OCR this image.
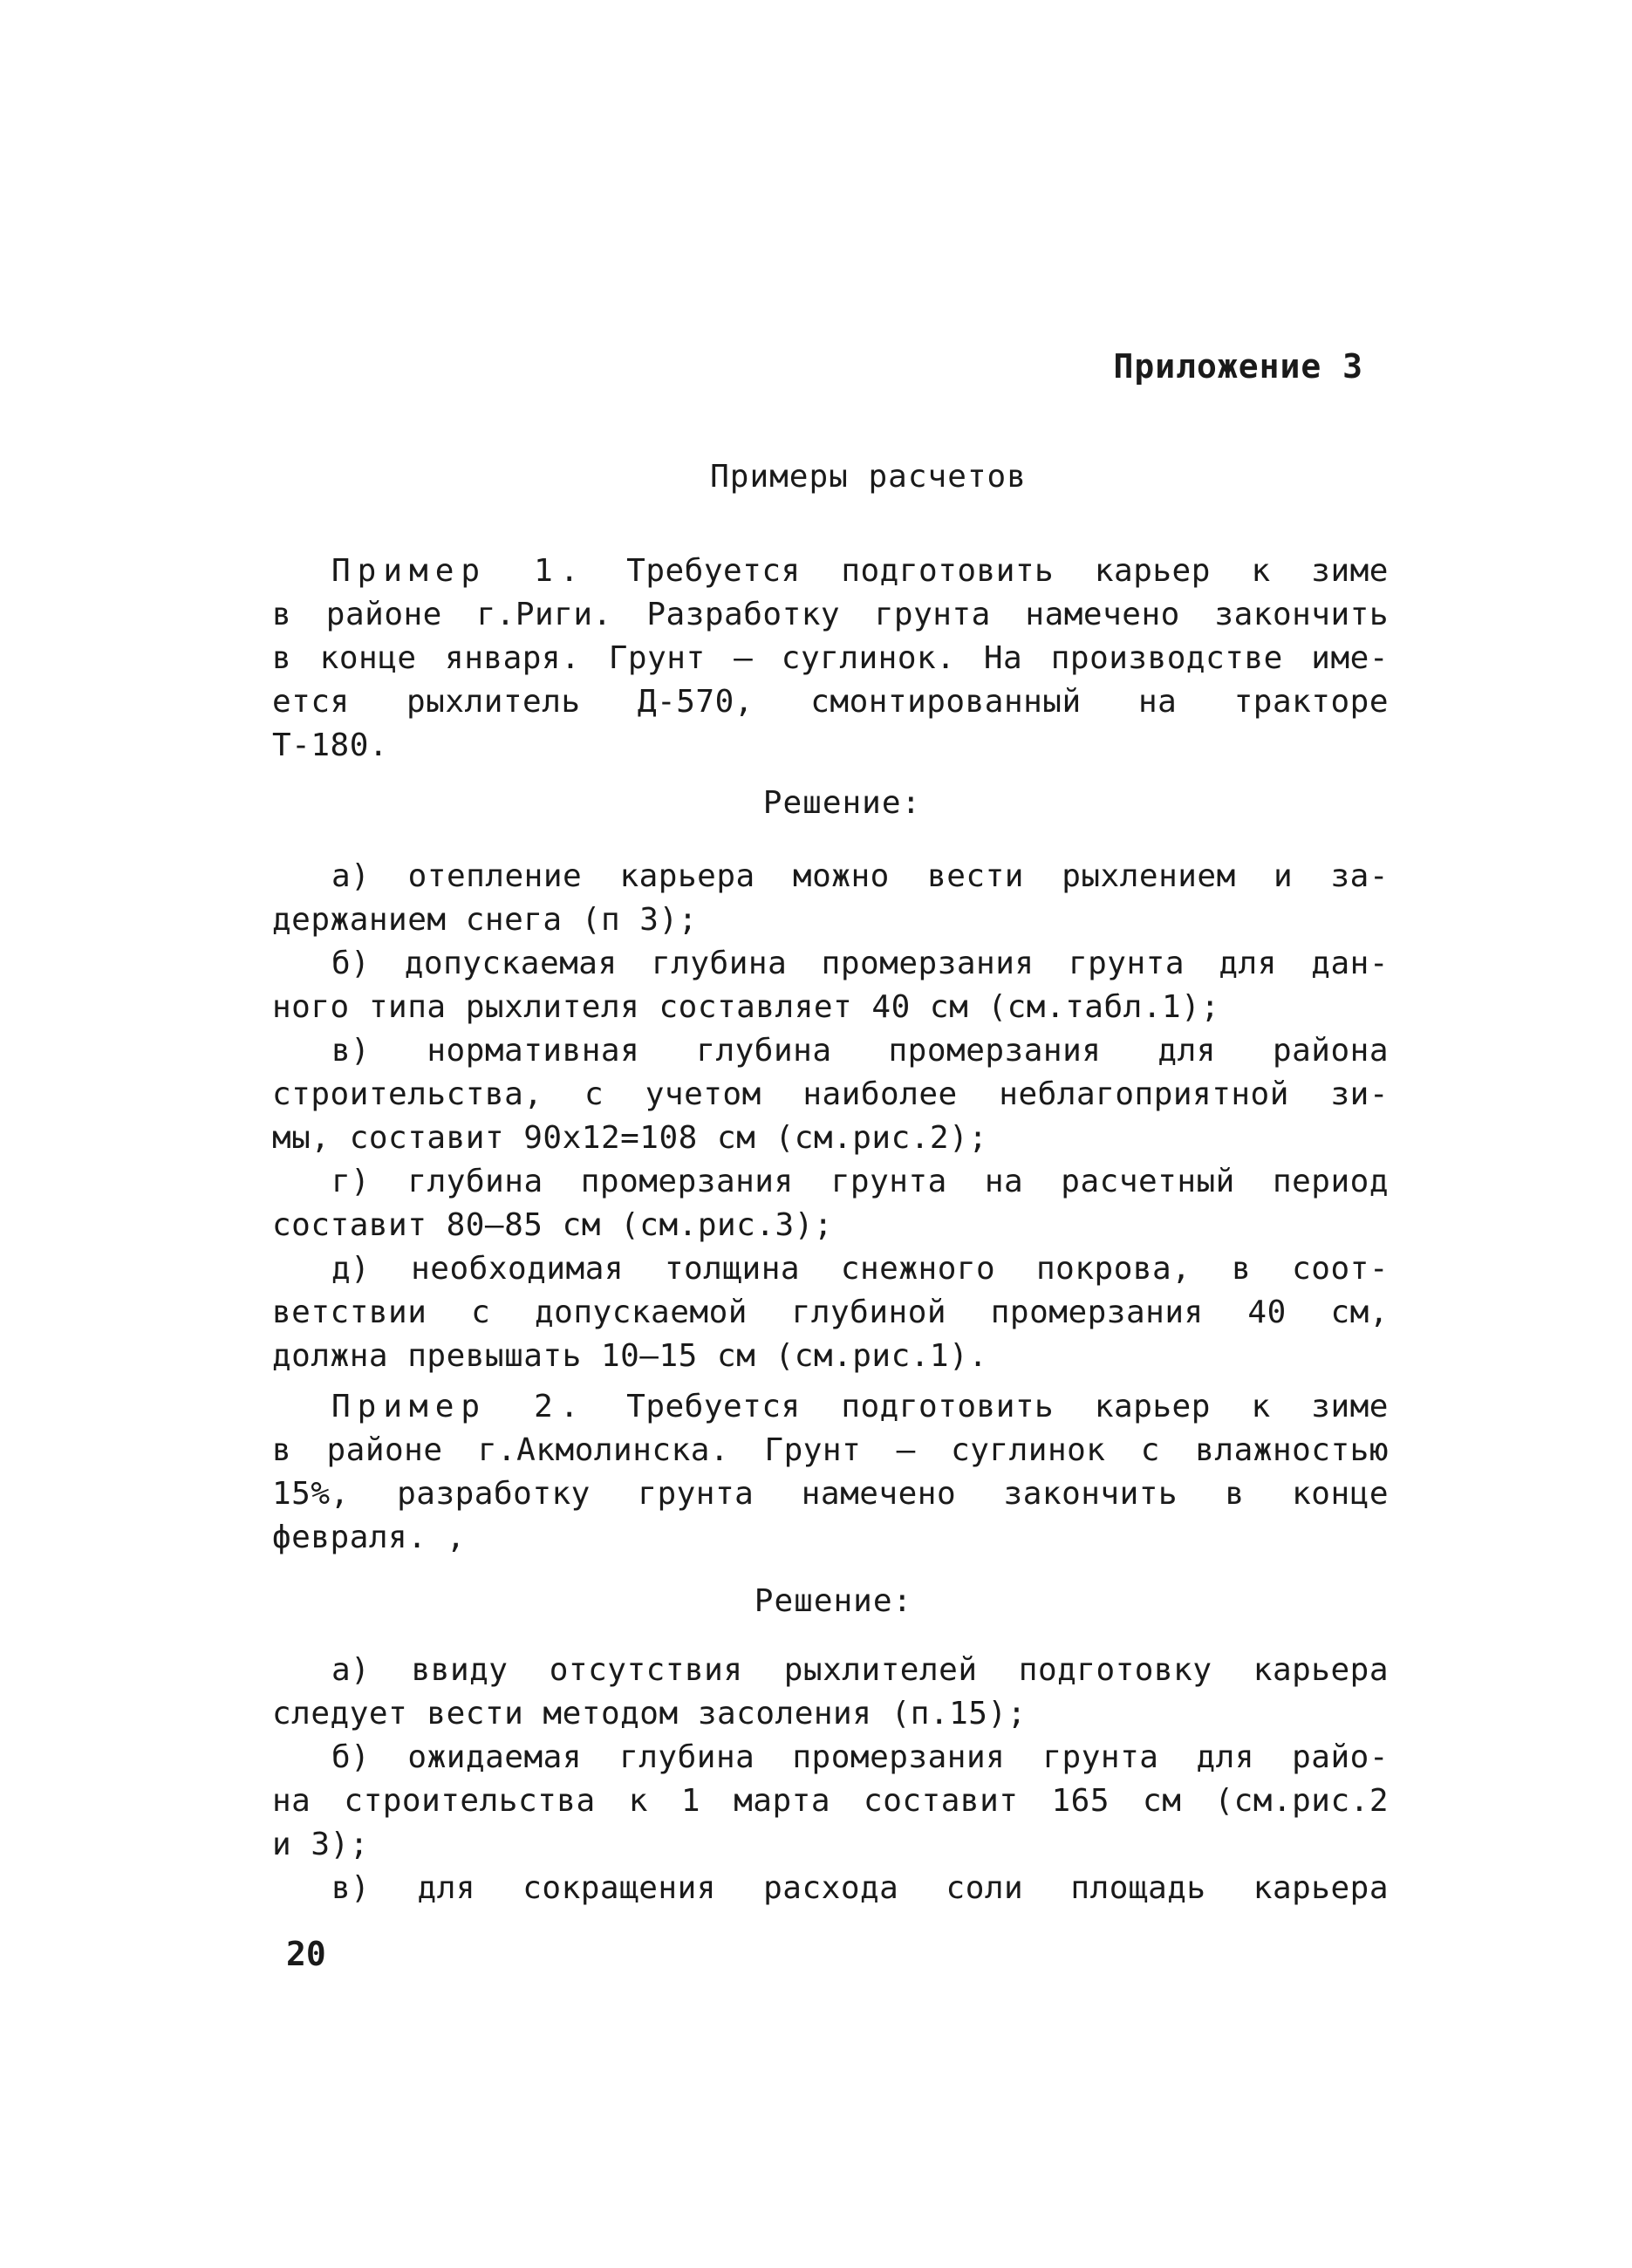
Приложение 3
Примеры расчетов
Пример 1. Требуется подготовить карьер к зиме
в районе г.Риги. Разработку грунта намечено закончить
в конце января. Грунт – суглинок. На производстве име-
ется рыхлитель Д-570, смонтированный на тракторе
Т-180.
Решение:
а) отепление карьера можно вести рыхлением и за-
держанием снега (п 3);
б) допускаемая глубина промерзания грунта для дан-
ного типа рыхлителя составляет 40 см (см.табл.1);
в) нормативная глубина промерзания для района
строительства, с учетом наиболее неблагоприятной зи-
мы, составит 90х12=108 см (см.рис.2);
г) глубина промерзания грунта на расчетный период
составит 80–85 см (см.рис.3);
д) необходимая толщина снежного покрова, в соот-
ветствии с допускаемой глубиной промерзания 40 см,
должна превышать 10–15 см (см.рис.1).
Пример 2. Требуется подготовить карьер к зиме
в районе г.Акмолинска. Грунт – суглинок с влажностью
15%, разработку грунта намечено закончить в конце
февраля. ,
Решение:
а) ввиду отсутствия рыхлителей подготовку карьера
следует вести методом засоления (п.15);
б) ожидаемая глубина промерзания грунта для райо-
на строительства к 1 марта составит 165 см (см.рис.2
и 3);
в) для сокращения расхода соли площадь карьера
20
